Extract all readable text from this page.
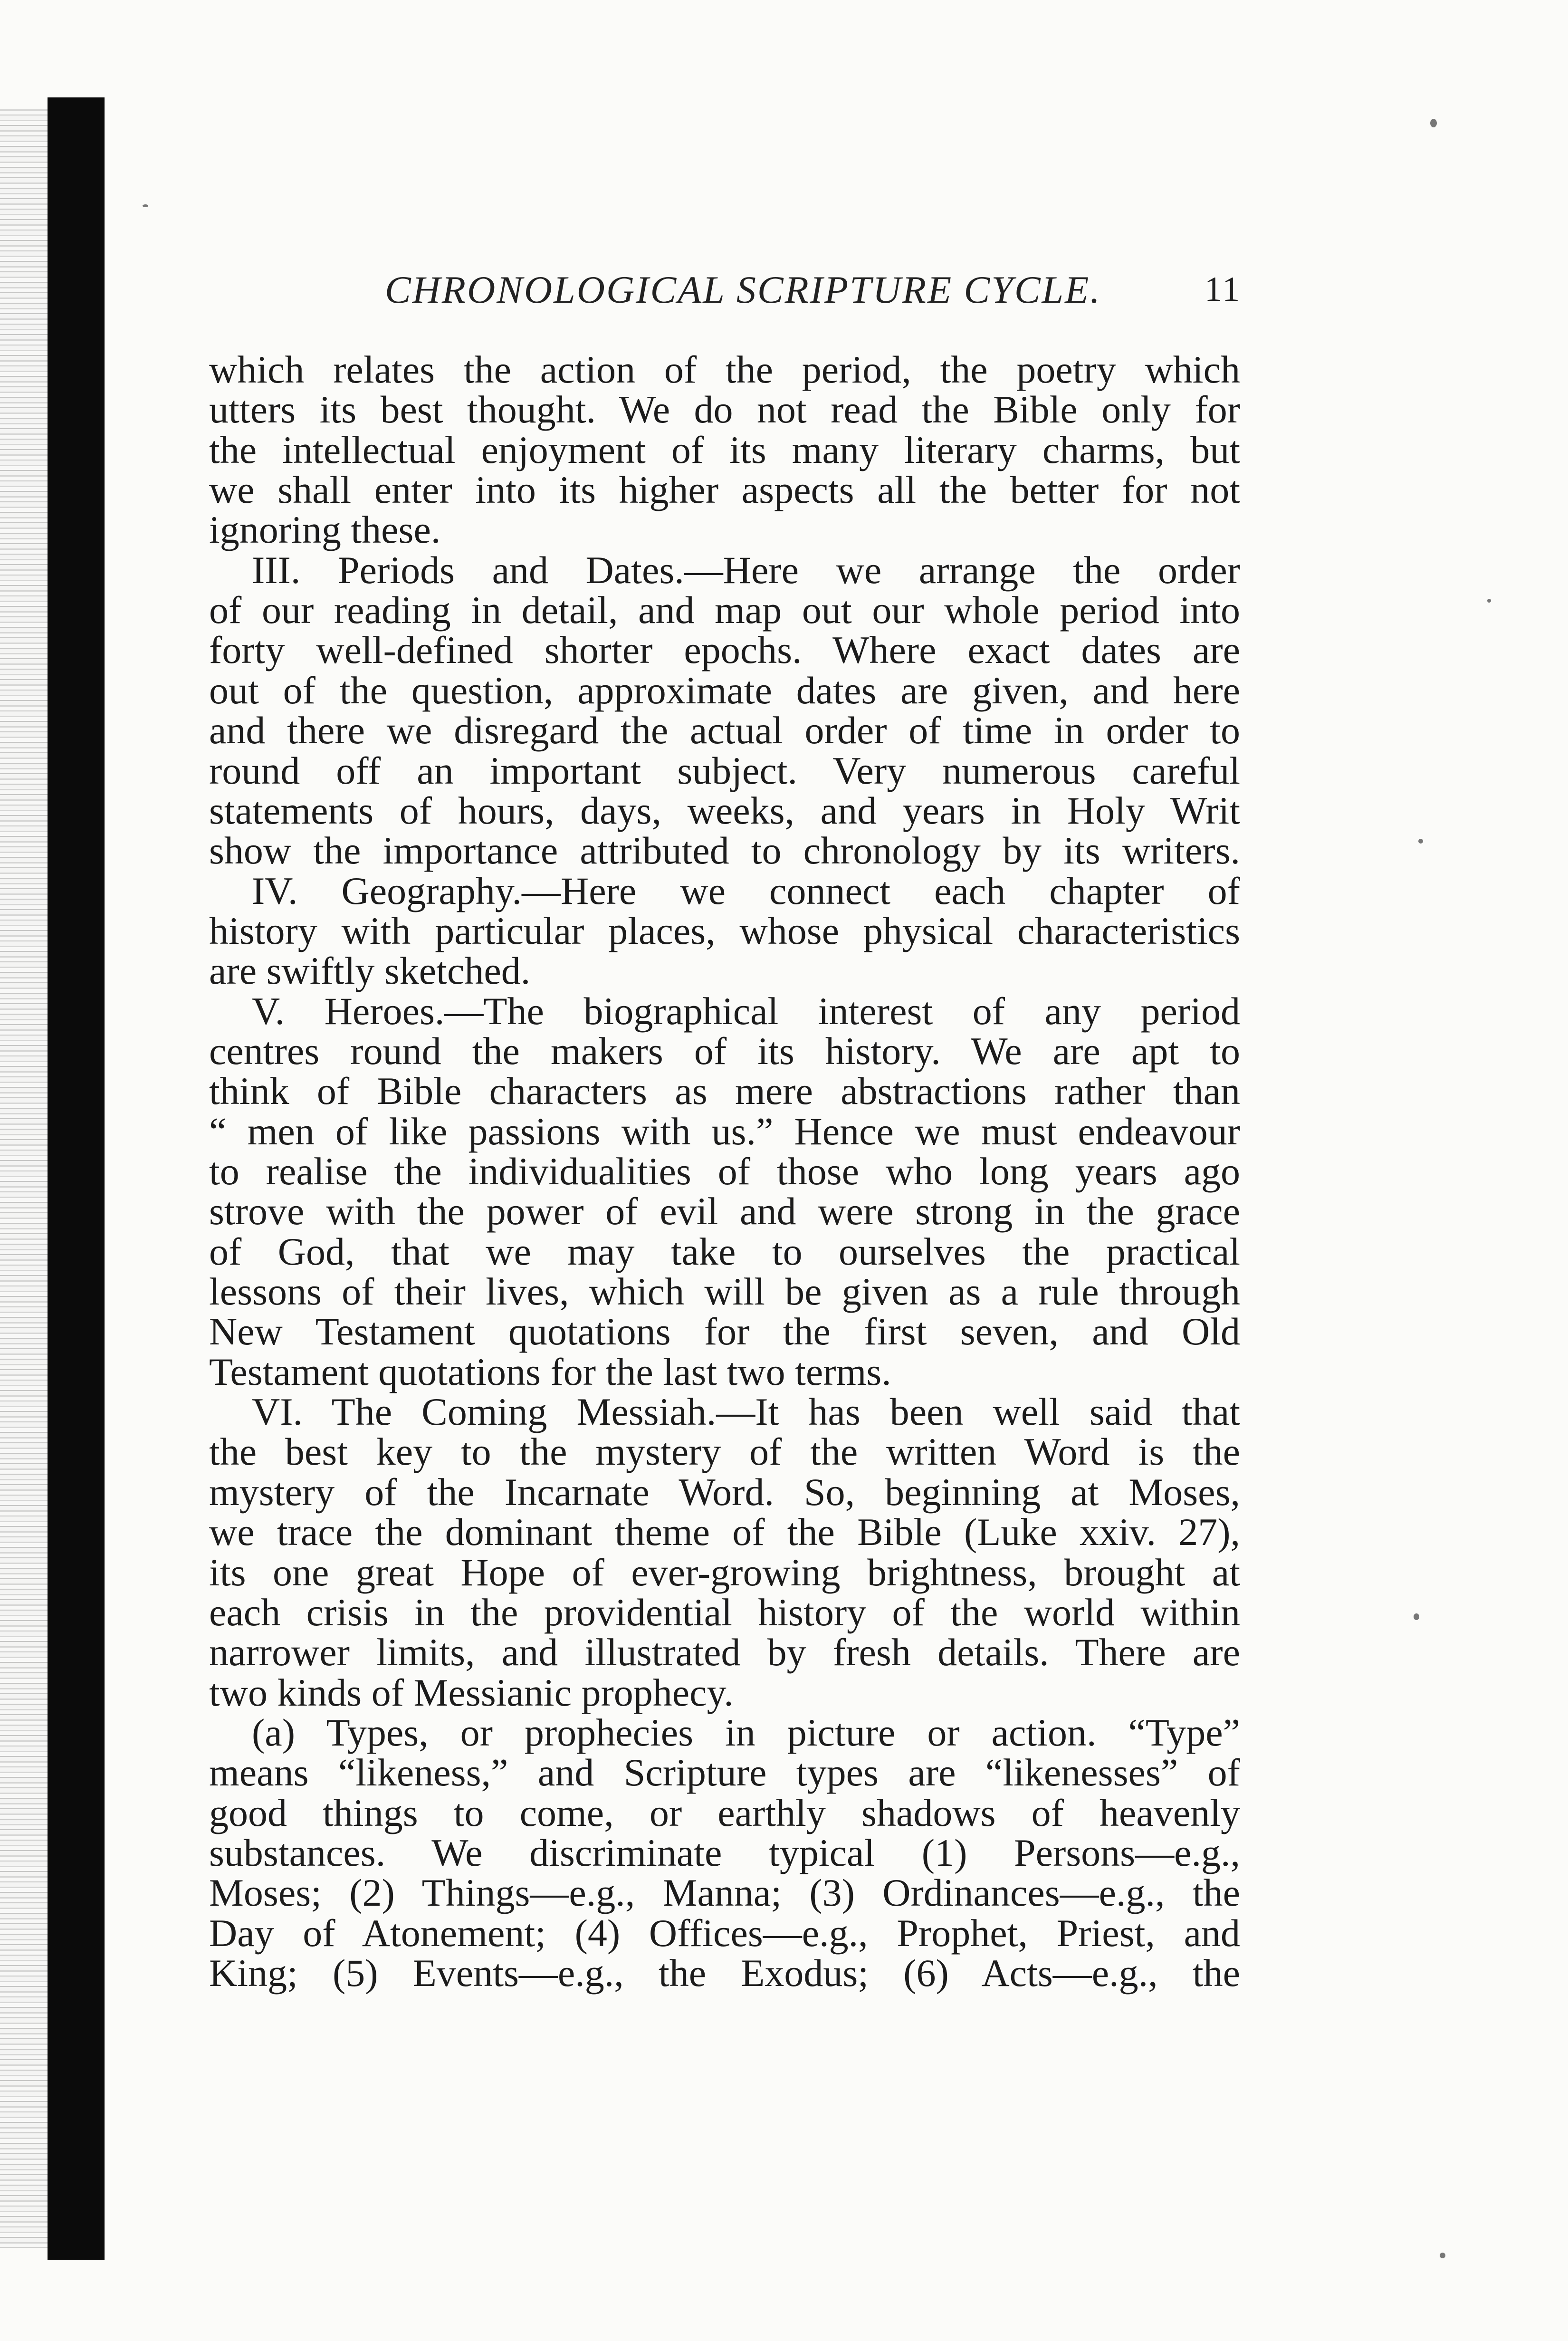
CHRONOLOGICAL SCRIPTURE CYCLE.	11
which relates the action of the period, the poetry which
utters its best thought. We do not read the Bible only for
the intellectual enjoyment of its many literary charms, but
we shall enter into its higher aspects all the better for not
ignoring these.
III. Periods and Dates.—Here we arrange the order
of our reading in detail, and map out our whole period into
forty well-defined shorter epochs. Where exact dates are
out of the question, approximate dates are given, and here
and there we disregard the actual order of time in order to
round off an important subject. Very numerous careful
statements of hours, days, weeks, and years in Holy Writ
show the importance attributed to chronology by its writers.
IV. Geography.—Here we connect each chapter of
history with particular places, whose physical characteristics
are swiftly sketched.
V. Heroes.—The biographical interest of any period
centres round the makers of its history. We are apt to
think of Bible characters as mere abstractions rather than
“ men of like passions with us.” Hence we must endeavour
to realise the individualities of those who long years ago
strove with the power of evil and were strong in the grace
of God, that we may take to ourselves the practical
lessons of their lives, which will be given as a rule through
New Testament quotations for the first seven, and Old
Testament quotations for the last two terms.
VI. The Coming Messiah.—It has been well said that
the best key to the mystery of the written Word is the
mystery of the Incarnate Word. So, beginning at Moses,
we trace the dominant theme of the Bible (Luke xxiv. 27),
its one great Hope of ever-growing brightness, brought at
each crisis in the providential history of the world within
narrower limits, and illustrated by fresh details. There are
two kinds of Messianic prophecy.
(a) Types, or prophecies in picture or action. “Type”
means “likeness,” and Scripture types are “likenesses” of
good things to come, or earthly shadows of heavenly
substances. We discriminate typical (1) Persons—e.g.,
Moses; (2) Things—e.g., Manna; (3) Ordinances—e.g., the
Day of Atonement; (4) Offices—e.g., Prophet, Priest, and
King; (5) Events—e.g., the Exodus; (6) Acts—e.g., the
